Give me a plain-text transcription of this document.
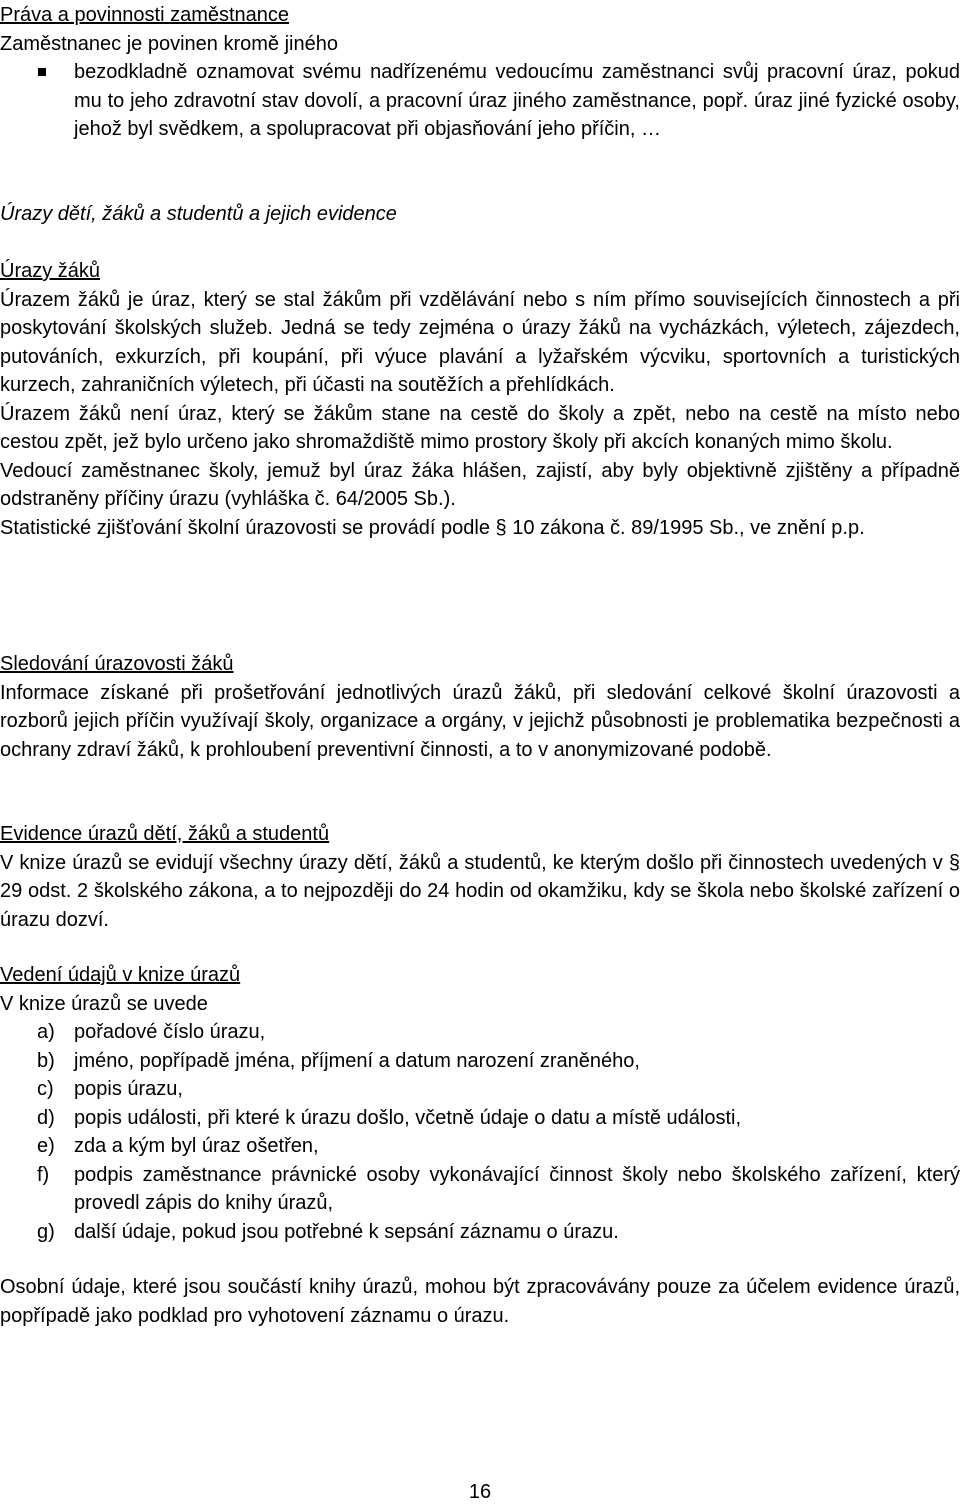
Práva a povinnosti zaměstnance

Zaměstnanec je povinen kromě jiného

bezodkladně oznamovat svému nadřízenému vedoucímu zaměstnanci svůj pracovní úraz, pokud mu to jeho zdravotní stav dovolí, a pracovní úraz jiného zaměstnance, popř. úraz jiné fyzické osoby, jehož byl svědkem, a spolupracovat při objasňování jeho příčin, …

Úrazy dětí, žáků a studentů a jejich evidence

Úrazy žáků

Úrazem žáků je úraz, který se stal žákům při vzdělávání nebo s ním přímo souvisejících činnostech a při poskytování školských služeb. Jedná se tedy zejména o úrazy žáků na vycházkách, výletech, zájezdech, putováních, exkurzích, při koupání, při výuce plavání a lyžařském výcviku, sportovních a turistických kurzech, zahraničních výletech, při účasti na soutěžích a přehlídkách.

Úrazem žáků není úraz, který se žákům stane na cestě do školy a zpět, nebo na cestě na místo nebo cestou zpět, jež bylo určeno jako shromaždiště mimo prostory školy při akcích konaných mimo školu.

Vedoucí zaměstnanec školy, jemuž byl úraz žáka hlášen, zajistí, aby byly objektivně zjištěny a případně odstraněny příčiny úrazu (vyhláška č. 64/2005 Sb.).

Statistické zjišťování školní úrazovosti se provádí podle § 10 zákona č. 89/1995 Sb., ve znění p.p.

Sledování úrazovosti žáků

Informace získané při prošetřování jednotlivých úrazů žáků, při sledování celkové školní úrazovosti a rozborů jejich příčin využívají školy, organizace a orgány, v jejichž působnosti je problematika bezpečnosti a ochrany zdraví žáků, k prohloubení preventivní činnosti, a to v anonymizované podobě.

Evidence úrazů dětí, žáků a studentů

V knize úrazů se evidují všechny úrazy dětí, žáků a studentů, ke kterým došlo při činnostech uvedených v § 29 odst. 2 školského zákona, a to nejpozději do 24 hodin od okamžiku, kdy se škola nebo školské zařízení o úrazu dozví.

Vedení údajů v knize úrazů

V knize úrazů se uvede

a) pořadové číslo úrazu,
b) jméno, popřípadě jména, příjmení a datum narození zraněného,
c) popis úrazu,
d) popis události, při které k úrazu došlo, včetně údaje o datu a místě události,
e) zda a kým byl úraz ošetřen,
f) podpis zaměstnance právnické osoby vykonávající činnost školy nebo školského zařízení, který provedl zápis do knihy úrazů,
g) další údaje, pokud jsou potřebné k sepsání záznamu o úrazu.

Osobní údaje, které jsou součástí knihy úrazů, mohou být zpracovávány pouze za účelem evidence úrazů, popřípadě jako podklad pro vyhotovení záznamu o úrazu.

16
